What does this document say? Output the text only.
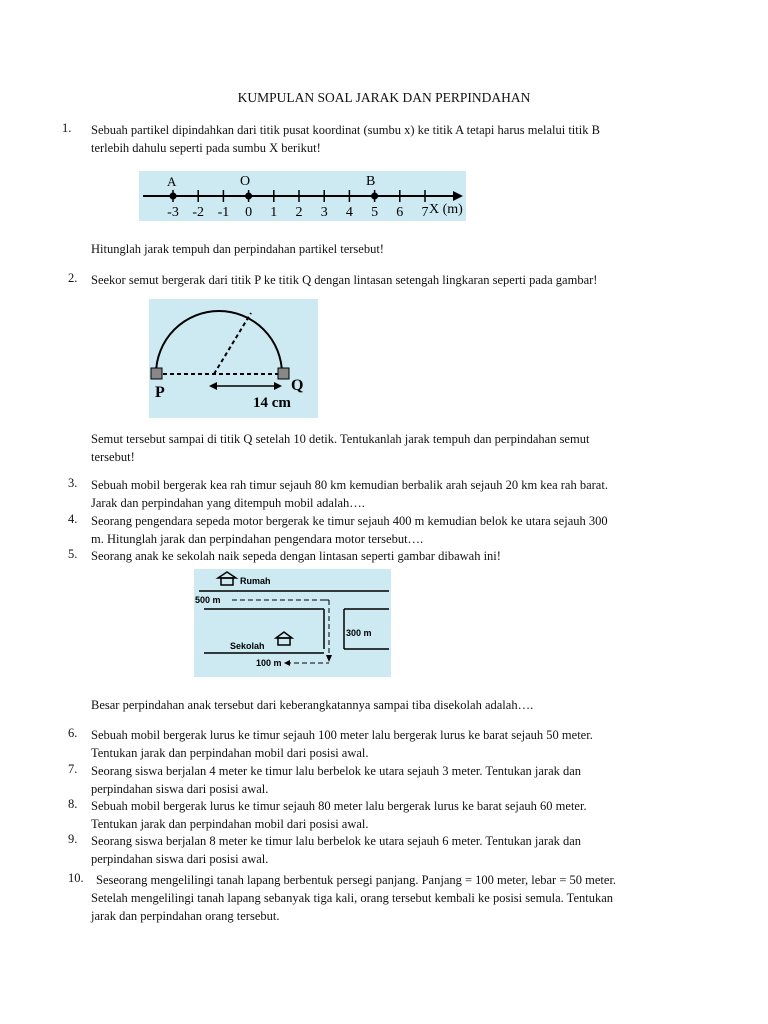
KUMPULAN SOAL JARAK DAN PERPINDAHAN
1. Sebuah partikel dipindahkan dari titik pusat koordinat (sumbu x) ke titik A tetapi harus melalui titik B
terlebih dahulu seperti pada sumbu X berikut!
-3 -2 -1 0 1 2 3 4 5 6 7
A	O	B
X (m)
Hitunglah jarak tempuh dan perpindahan partikel tersebut!
2. Seekor semut bergerak dari titik P ke titik Q dengan lintasan setengah lingkaran seperti pada gambar!
P	Q
14 cm
Semut tersebut sampai di titik Q setelah 10 detik. Tentukanlah jarak tempuh dan perpindahan semut
tersebut!
3. Sebuah mobil bergerak kea rah timur sejauh 80 km kemudian berbalik arah sejauh 20 km kea rah barat.
Jarak dan perpindahan yang ditempuh mobil adalah….
4. Seorang pengendara sepeda motor bergerak ke timur sejauh 400 m kemudian belok ke utara sejauh 300
m. Hitunglah jarak dan perpindahan pengendara motor tersebut….
5. Seorang anak ke sekolah naik sepeda dengan lintasan seperti gambar dibawah ini!
Rumah
500 m
300 m
Sekolah
100 m
Besar perpindahan anak tersebut dari keberangkatannya sampai tiba disekolah adalah….
6. Sebuah mobil bergerak lurus ke timur sejauh 100 meter lalu bergerak lurus ke barat sejauh 50 meter.
Tentukan jarak dan perpindahan mobil dari posisi awal.
7. Seorang siswa berjalan 4 meter ke timur lalu berbelok ke utara sejauh 3 meter. Tentukan jarak dan
perpindahan siswa dari posisi awal.
8. Sebuah mobil bergerak lurus ke timur sejauh 80 meter lalu bergerak lurus ke barat sejauh 60 meter.
Tentukan jarak dan perpindahan mobil dari posisi awal.
9. Seorang siswa berjalan 8 meter ke timur lalu berbelok ke utara sejauh 6 meter. Tentukan jarak dan
perpindahan siswa dari posisi awal.
10. Seseorang mengelilingi tanah lapang berbentuk persegi panjang. Panjang = 100 meter, lebar = 50 meter.
Setelah mengelilingi tanah lapang sebanyak tiga kali, orang tersebut kembali ke posisi semula. Tentukan
jarak dan perpindahan orang tersebut.
